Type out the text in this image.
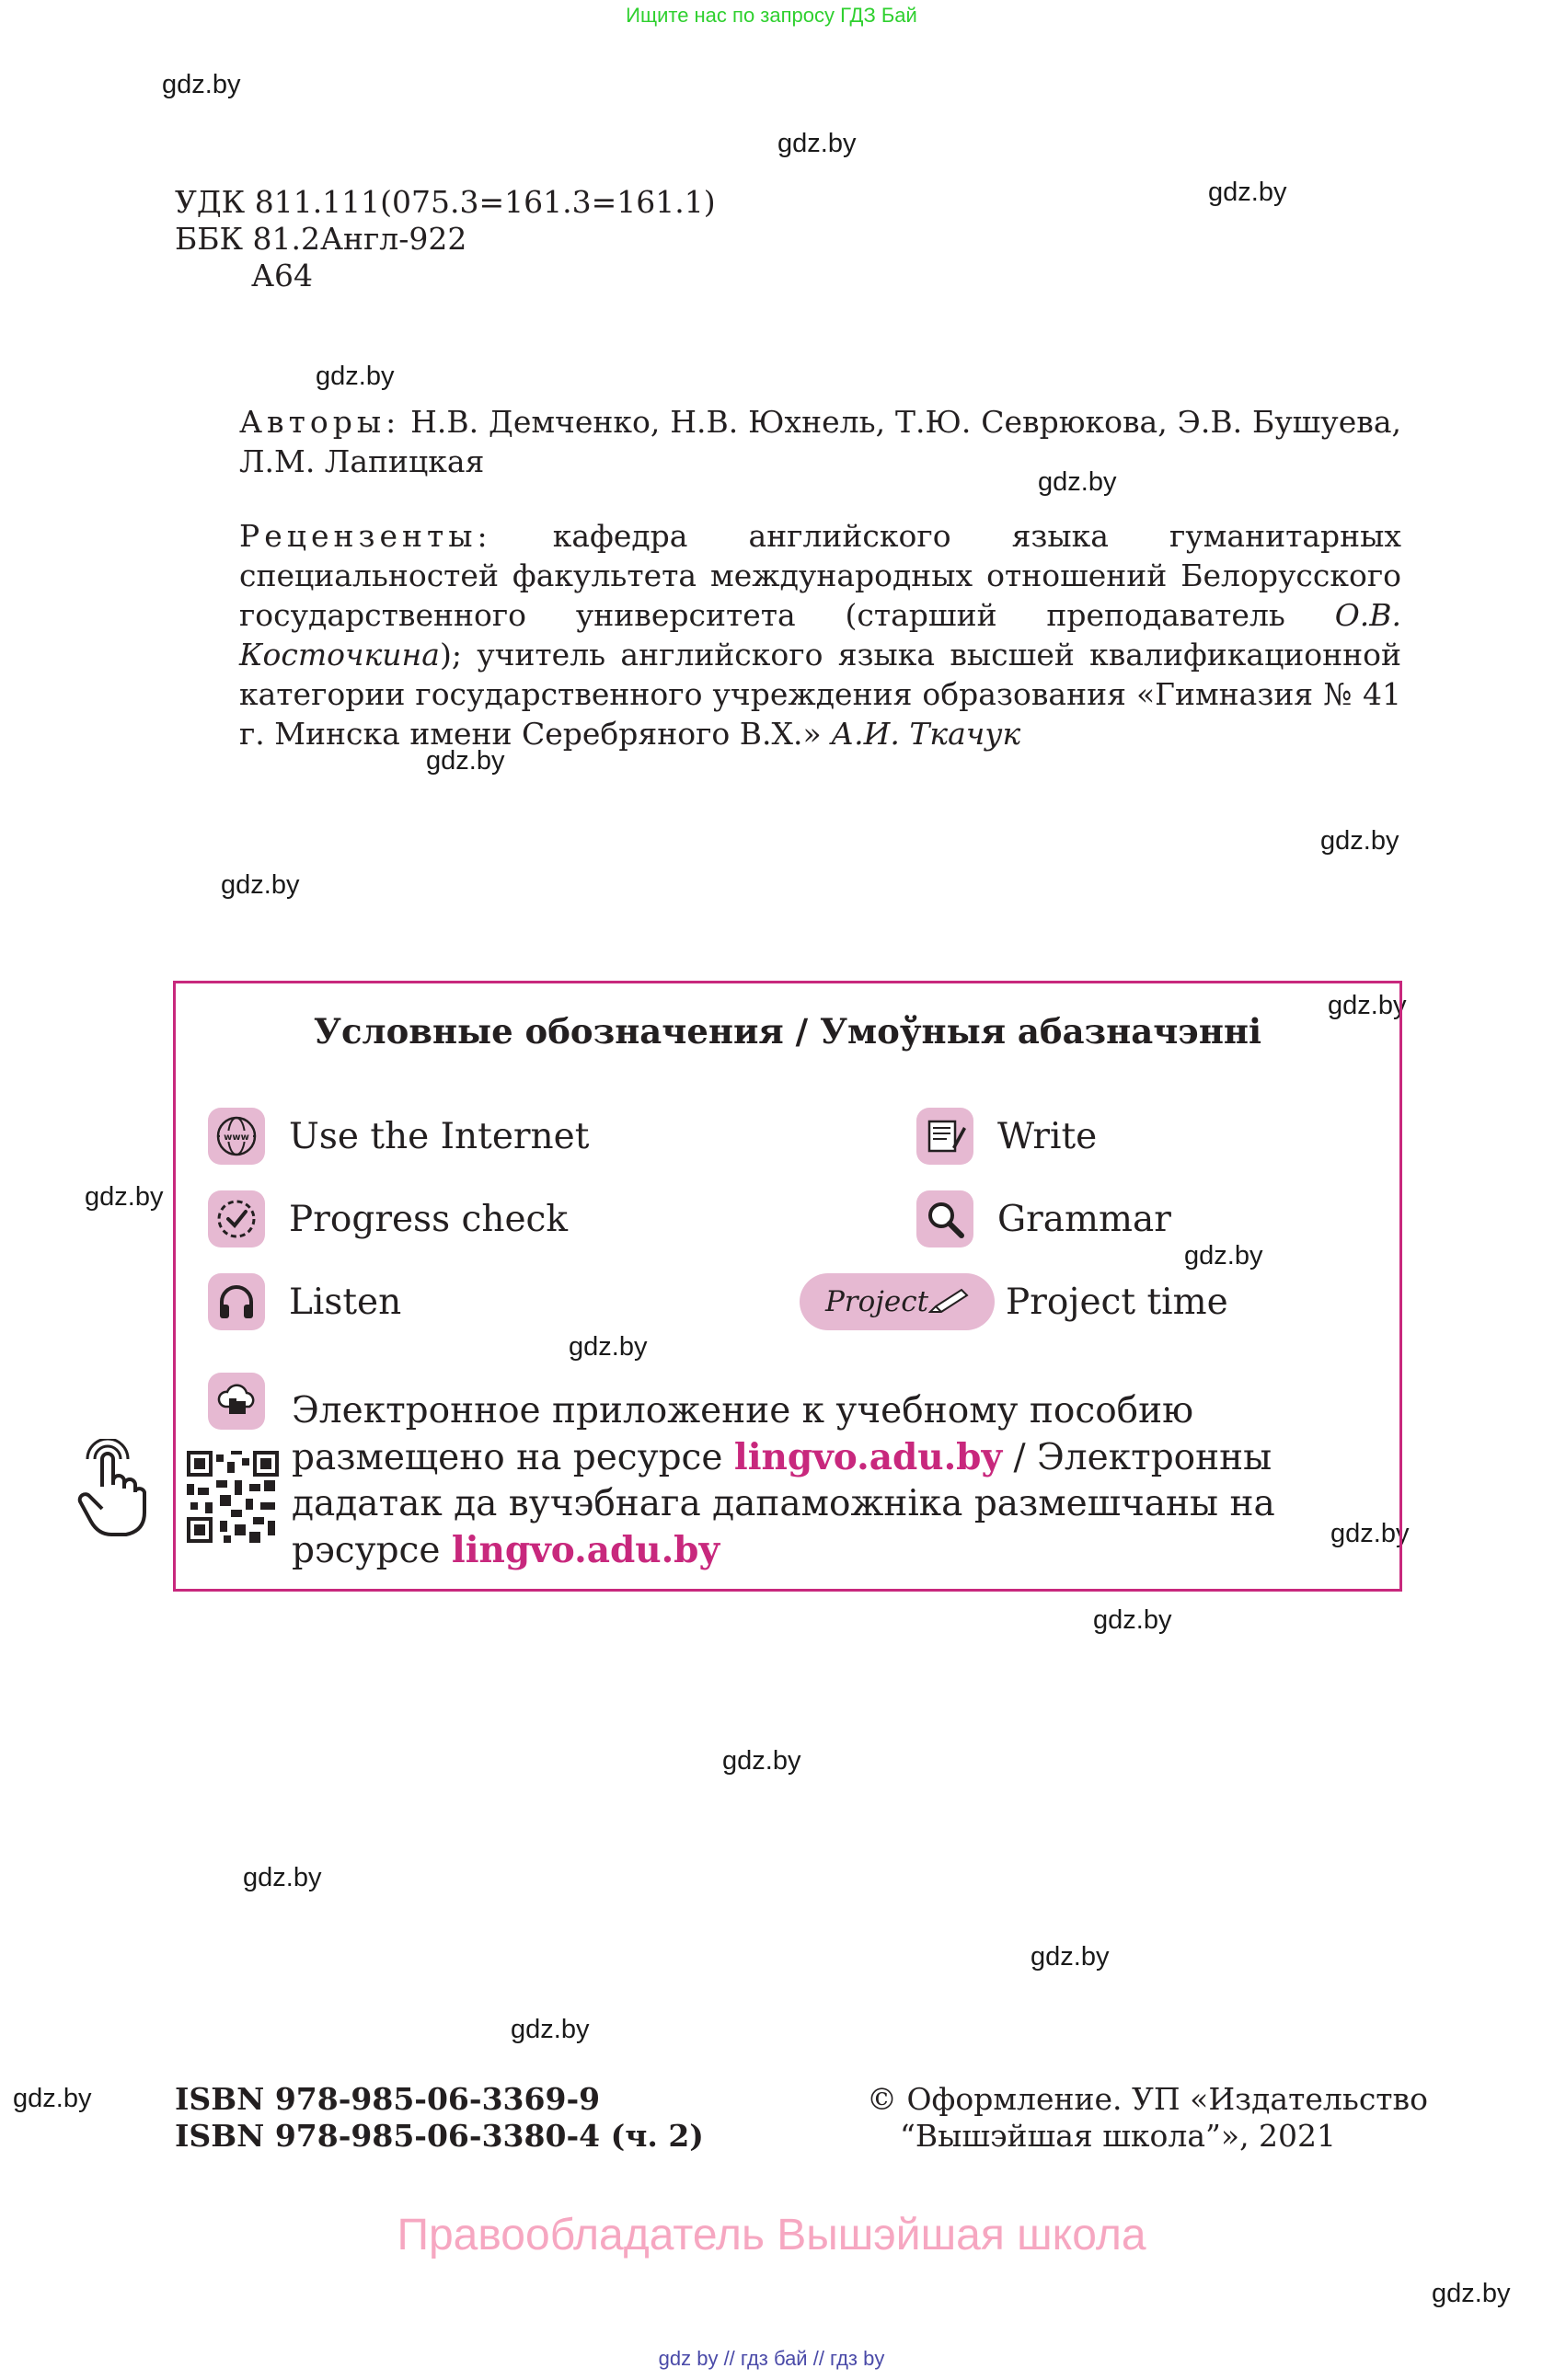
Ищите нас по запросу ГДЗ Бай
gdz.by
gdz.by
gdz.by
gdz.by
gdz.by
gdz.by
gdz.by
gdz.by
gdz.by
gdz.by
gdz.by
gdz.by
gdz.by
gdz.by
gdz.by
gdz.by
gdz.by
gdz.by
gdz.by
gdz.by
УДК 811.111(075.3=161.3=161.1)
ББК 81.2Англ-922
А64
Авторы: Н.В. Демченко, Н.В. Юхнель, Т.Ю. Севрюкова, Э.В. Бушуева, Л.М. Лапицкая
Рецензенты: кафедра английского языка гуманитарных специальностей факультета международных отношений Белорусского государственного университета (старший преподаватель О.В. Косточкина); учитель английского языка высшей квалификационной категории государственного учреждения образования «Гимназия № 41 г. Минска имени Серебряного В.Х.» А.И. Ткачук
Условные обозначения / Умоўныя абазначэнні
www Use the Internet
Progress check
Listen
Write
Grammar
Project Project time
Электронное приложение к учебному пособию размещено на ресурсе lingvo.adu.by / Электронны дадатак да вучэбнага дапаможніка размешчаны на рэсурсе lingvo.adu.by
ISBN 978-985-06-3369-9
ISBN 978-985-06-3380-4 (ч. 2)
© Оформление. УП «Издательство
“Вышэйшая школа”», 2021
Правообладатель Вышэйшая школа
gdz by // гдз бай // гдз by
